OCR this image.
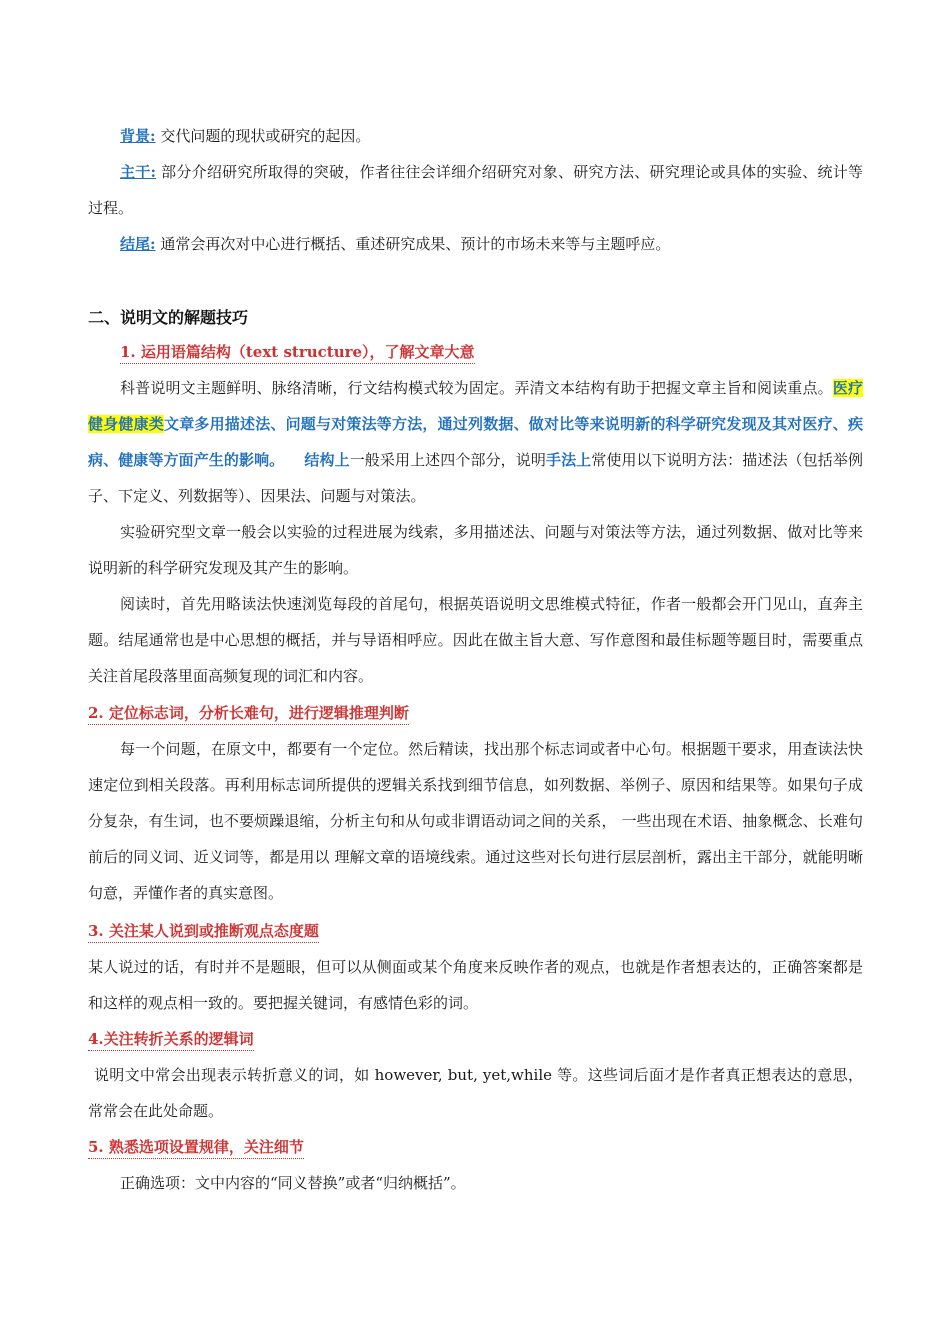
背景: 交代问题的现状或研究的起因。

主干: 部分介绍研究所取得的突破，作者往往会详细介绍研究对象、研究方法、研究理论或具体的实验、统计等过程。

结尾: 通常会再次对中心进行概括、重述研究成果、预计的市场未来等与主题呼应。

二、说明文的解题技巧
1. 运用语篇结构（text structure），了解文章大意

科普说明文主题鲜明、脉络清晰，行文结构模式较为固定。弄清文本结构有助于把握文章主旨和阅读重点。医疗健身健康类文章多用描述法、问题与对策法等方法，通过列数据、做对比等来说明新的科学研究发现及其对医疗、疾病、健康等方面产生的影响。 结构上一般采用上述四个部分，说明手法上常使用以下说明方法：描述法（包括举例子、下定义、列数据等）、因果法、问题与对策法。

实验研究型文章一般会以实验的过程进展为线索，多用描述法、问题与对策法等方法，通过列数据、做对比等来说明新的科学研究发现及其产生的影响。

阅读时，首先用略读法快速浏览每段的首尾句，根据英语说明文思维模式特征，作者一般都会开门见山，直奔主题。结尾通常也是中心思想的概括，并与导语相呼应。因此在做主旨大意、写作意图和最佳标题等题目时，需要重点关注首尾段落里面高频复现的词汇和内容。

2. 定位标志词，分析长难句，进行逻辑推理判断

每一个问题，在原文中，都要有一个定位。然后精读，找出那个标志词或者中心句。根据题干要求，用查读法快速定位到相关段落。再利用标志词所提供的逻辑关系找到细节信息，如列数据、举例子、原因和结果等。如果句子成分复杂，有生词，也不要烦躁退缩，分析主句和从句或非谓语动词之间的关系， 一些出现在术语、抽象概念、长难句前后的同义词、近义词等，都是用以 理解文章的语境线索。通过这些对长句进行层层剖析，露出主干部分，就能明晰句意，弄懂作者的真实意图。

3. 关注某人说到或推断观点态度题

某人说过的话，有时并不是题眼，但可以从侧面或某个角度来反映作者的观点，也就是作者想表达的，正确答案都是和这样的观点相一致的。要把握关键词，有感情色彩的词。

4.关注转折关系的逻辑词

说明文中常会出现表示转折意义的词，如 however, but, yet,while 等。这些词后面才是作者真正想表达的意思，常常会在此处命题。

5. 熟悉选项设置规律，关注细节

正确选项：文中内容的“同义替换”或者“归纳概括”。
